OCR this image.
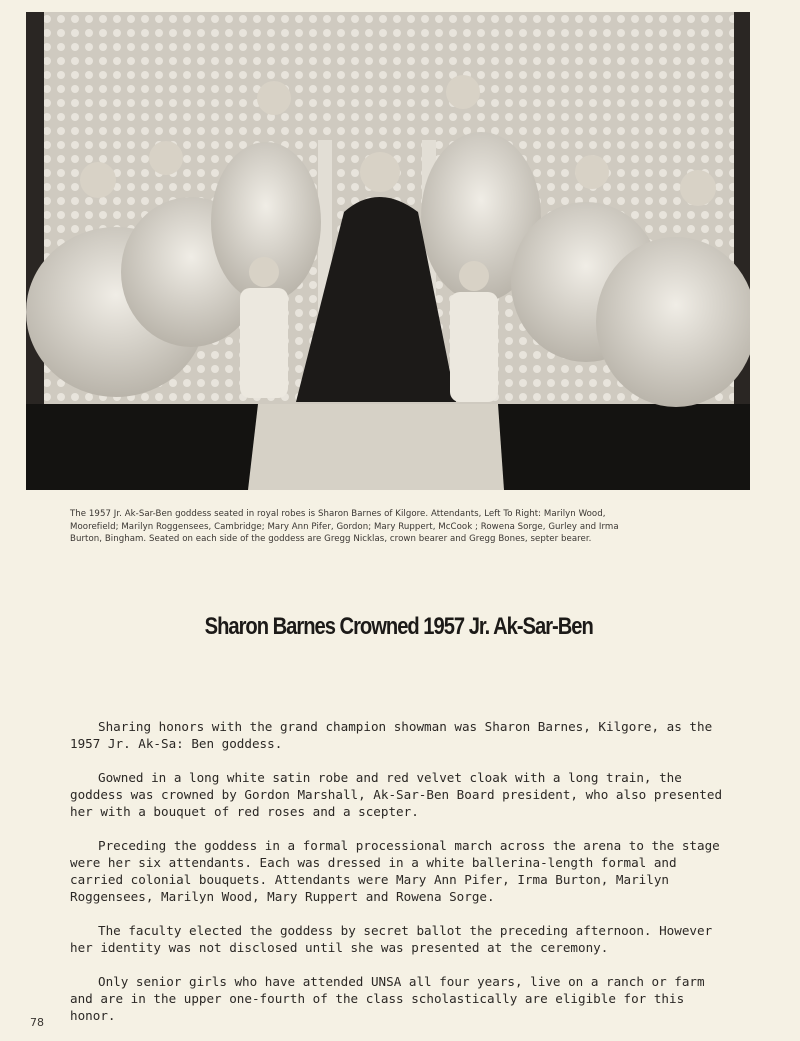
The 1957 Jr. Ak-Sar-Ben goddess seated in royal robes is Sharon Barnes of Kilgore. Attendants, Left To Right: Marilyn Wood,
Moorefield; Marilyn Roggensees, Cambridge; Mary Ann Pifer, Gordon; Mary Ruppert, McCook ; Rowena Sorge, Gurley and Irma
Burton, Bingham. Seated on each side of the goddess are Gregg Nicklas, crown bearer and Gregg Bones, septer bearer.
Sharon Barnes Crowned 1957 Jr. Ak-Sar-Ben

Sharing honors with the grand champion showman was Sharon Barnes, Kilgore, as the 1957 Jr. Ak-Sa: Ben goddess.

Gowned in a long white satin robe and red velvet cloak with a long train, the goddess was crowned by Gordon Marshall, Ak-Sar-Ben Board president, who also presented her with a bouquet of red roses and a scepter.

Preceding the goddess in a formal processional march across the arena to the stage were her six attendants. Each was dressed in a white ballerina-length formal and carried colonial bouquets. Attendants were Mary Ann Pifer, Irma Burton, Marilyn Roggensees, Marilyn Wood, Mary Ruppert and Rowena Sorge.

The faculty elected the goddess by secret ballot the preceding afternoon. However her identity was not disclosed until she was presented at the ceremony.

Only senior girls who have attended UNSA all four years, live on a ranch or farm and are in the upper one-fourth of the class scholastically are eligible for this honor.

78
